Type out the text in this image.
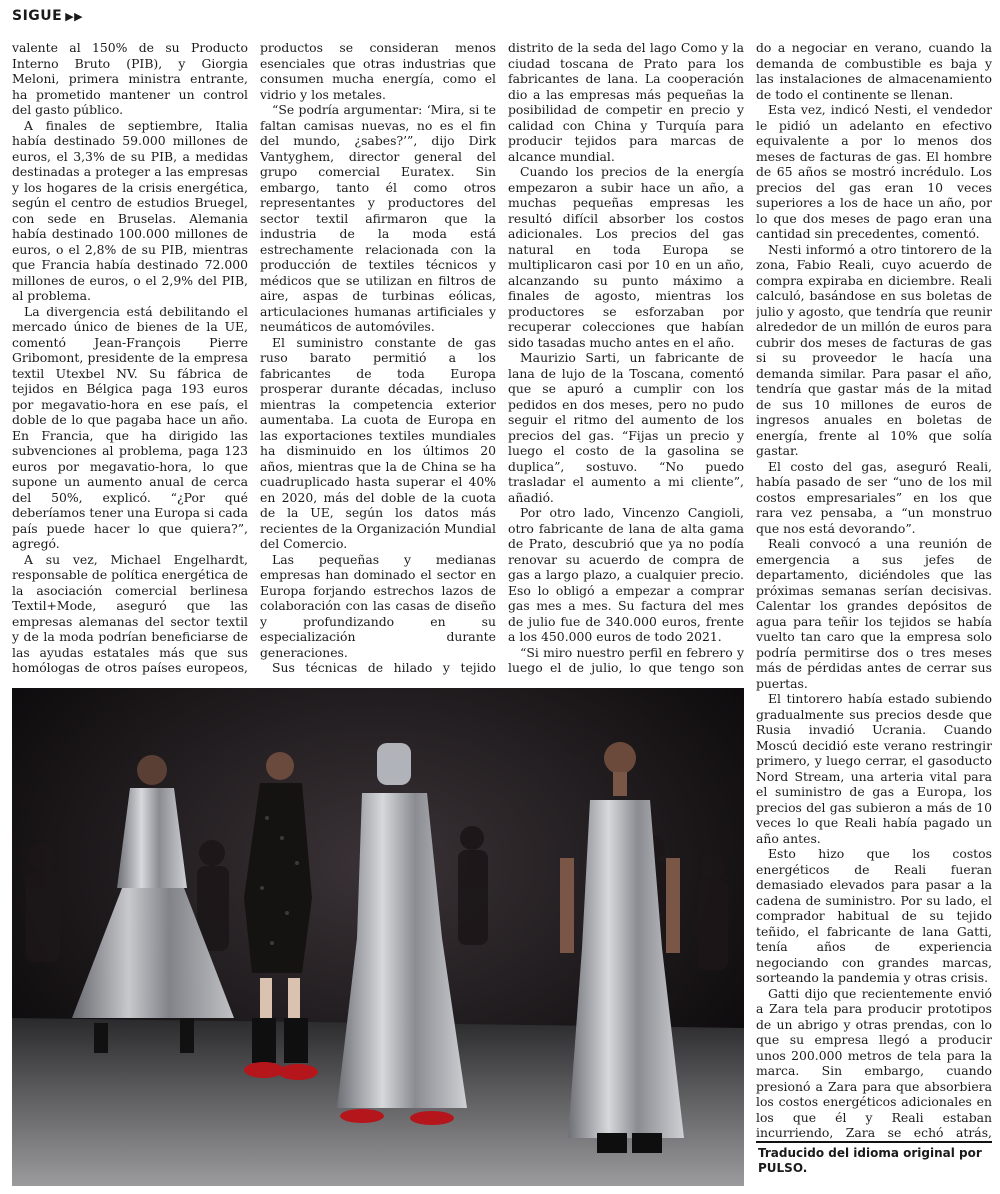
SIGUE ▶▶

valente al 150% de su Producto Interno Bruto (PIB), y Giorgia Meloni, primera ministra entrante, ha prometido mantener un control del gasto público.

A finales de septiembre, Italia había destinado 59.000 millones de euros, el 3,3% de su PIB, a medidas destinadas a proteger a las empresas y los hogares de la crisis energética, según el centro de estudios Bruegel, con sede en Bruselas. Alemania había destinado 100.000 millones de euros, o el 2,8% de su PIB, mientras que Francia había destinado 72.000 millones de euros, o el 2,9% del PIB, al problema.

La divergencia está debilitando el mercado único de bienes de la UE, comentó Jean-François Pierre Gribomont, presidente de la empresa textil Utexbel NV. Su fábrica de tejidos en Bélgica paga 193 euros por megavatio-hora en ese país, el doble de lo que pagaba hace un año. En Francia, que ha dirigido las subvenciones al problema, paga 123 euros por megavatio-hora, lo que supone un aumento anual de cerca del 50%, explicó. “¿Por qué deberíamos tener una Europa si cada país puede hacer lo que quiera?”, agregó.

A su vez, Michael Engelhardt, responsable de política energética de la asociación comercial berlinesa Textil+Mode, aseguró que las empresas alemanas del sector textil y de la moda podrían beneficiarse de las ayudas estatales más que sus homólogas de otros países europeos,

productos se consideran menos esenciales que otras industrias que consumen mucha energía, como el vidrio y los metales.

“Se podría argumentar: ‘Mira, si te faltan camisas nuevas, no es el fin del mundo, ¿sabes?’”, dijo Dirk Vantyghem, director general del grupo comercial Euratex. Sin embargo, tanto él como otros representantes y productores del sector textil afirmaron que la industria de la moda está estrechamente relacionada con la producción de textiles técnicos y médicos que se utilizan en filtros de aire, aspas de turbinas eólicas, articulaciones humanas artificiales y neumáticos de automóviles.

El suministro constante de gas ruso barato permitió a los fabricantes de toda Europa prosperar durante décadas, incluso mientras la competencia exterior aumentaba. La cuota de Europa en las exportaciones textiles mundiales ha disminuido en los últimos 20 años, mientras que la de China se ha cuadruplicado hasta superar el 40% en 2020, más del doble de la cuota de la UE, según los datos más recientes de la Organización Mundial del Comercio.

Las pequeñas y medianas empresas han dominado el sector en Europa forjando estrechos lazos de colaboración con las casas de diseño y profundizando en su especialización durante generaciones.

Sus técnicas de hilado y tejido

distrito de la seda del lago Como y la ciudad toscana de Prato para los fabricantes de lana. La cooperación dio a las empresas más pequeñas la posibilidad de competir en precio y calidad con China y Turquía para producir tejidos para marcas de alcance mundial.

Cuando los precios de la energía empezaron a subir hace un año, a muchas pequeñas empresas les resultó difícil absorber los costos adicionales. Los precios del gas natural en toda Europa se multiplicaron casi por 10 en un año, alcanzando su punto máximo a finales de agosto, mientras los productores se esforzaban por recuperar colecciones que habían sido tasadas mucho antes en el año.

Maurizio Sarti, un fabricante de lana de lujo de la Toscana, comentó que se apuró a cumplir con los pedidos en dos meses, pero no pudo seguir el ritmo del aumento de los precios del gas. “Fijas un precio y luego el costo de la gasolina se duplica”, sostuvo. “No puedo trasladar el aumento a mi cliente”, añadió.

Por otro lado, Vincenzo Cangioli, otro fabricante de lana de alta gama de Prato, descubrió que ya no podía renovar su acuerdo de compra de gas a largo plazo, a cualquier precio. Eso lo obligó a empezar a comprar gas mes a mes. Su factura del mes de julio fue de 340.000 euros, frente a los 450.000 euros de todo 2021.

“Si miro nuestro perfil en febrero y luego el de julio, lo que tengo son

do a negociar en verano, cuando la demanda de combustible es baja y las instalaciones de almacenamiento de todo el continente se llenan.

Esta vez, indicó Nesti, el vendedor le pidió un adelanto en efectivo equivalente a por lo menos dos meses de facturas de gas. El hombre de 65 años se mostró incrédulo. Los precios del gas eran 10 veces superiores a los de hace un año, por lo que dos meses de pago eran una cantidad sin precedentes, comentó.

Nesti informó a otro tintorero de la zona, Fabio Reali, cuyo acuerdo de compra expiraba en diciembre. Reali calculó, basándose en sus boletas de julio y agosto, que tendría que reunir alrededor de un millón de euros para cubrir dos meses de facturas de gas si su proveedor le hacía una demanda similar. Para pasar el año, tendría que gastar más de la mitad de sus 10 millones de euros de ingresos anuales en boletas de energía, frente al 10% que solía gastar.

El costo del gas, aseguró Reali, había pasado de ser “uno de los mil costos empresariales” en los que rara vez pensaba, a “un monstruo que nos está devorando”.

Reali convocó a una reunión de emergencia a sus jefes de departamento, diciéndoles que las próximas semanas serían decisivas. Calentar los grandes depósitos de agua para teñir los tejidos se había vuelto tan caro que la empresa solo podría permitirse dos o tres meses más de pérdidas antes de cerrar sus puertas.

El tintorero había estado subiendo gradualmente sus precios desde que Rusia invadió Ucrania. Cuando Moscú decidió este verano restringir primero, y luego cerrar, el gasoducto Nord Stream, una arteria vital para el suministro de gas a Europa, los precios del gas subieron a más de 10 veces lo que Reali había pagado un año antes.

Esto hizo que los costos energéticos de Reali fueran demasiado elevados para pasar a la cadena de suministro. Por su lado, el comprador habitual de su tejido teñido, el fabricante de lana Gatti, tenía años de experiencia negociando con grandes marcas, sorteando la pandemia y otras crisis.

Gatti dijo que recientemente envió a Zara tela para producir prototipos de un abrigo y otras prendas, con lo que su empresa llegó a producir unos 200.000 metros de tela para la marca. Sin embargo, cuando presionó a Zara para que absorbiera los costos energéticos adicionales en los que él y Reali estaban incurriendo, Zara se echó atrás,

Traducido del idioma original por PULSO.
